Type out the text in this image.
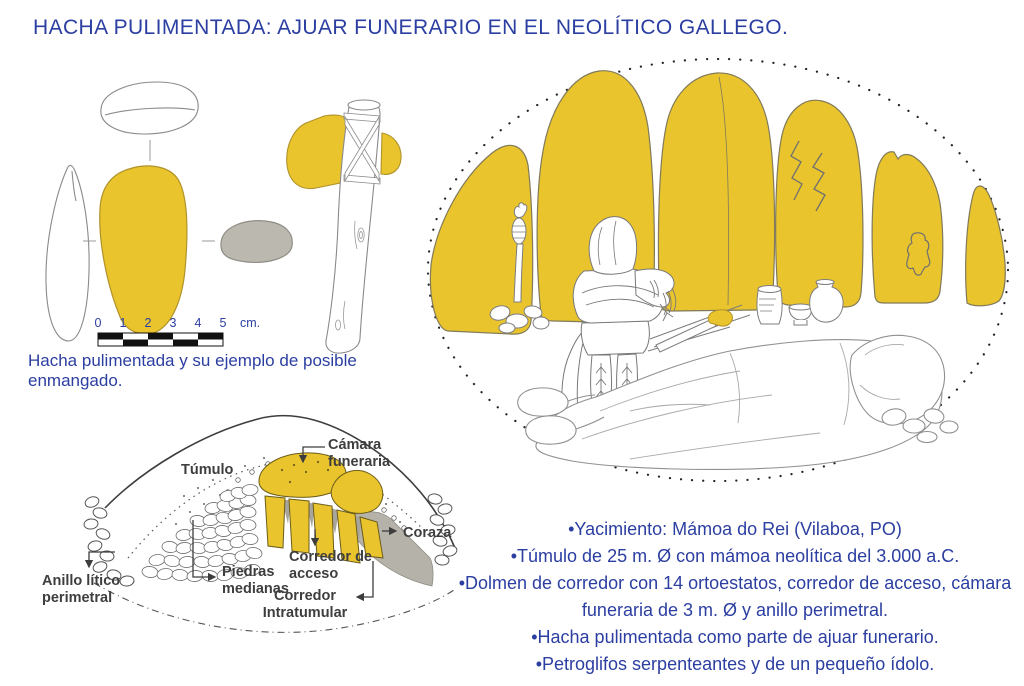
HACHA PULIMENTADA: AJUAR FUNERARIO EN EL NEOLÍTICO GALLEGO.
0 1 2 3 4 5 cm.
Hacha pulimentada y su ejemplo de posible enmangado.
Túmulo
Cámara funeraria
Coraza
Corredor de acceso
Piedras medianas
Anillo lítico perimetral	Corredor Intratumular
•Yacimiento: Mámoa do Rei (Vilaboa, PO)
•Túmulo de 25 m. Ø con mámoa neolítica del 3.000 a.C.
•Dolmen de corredor con 14 ortoestatos, corredor de acceso, cámara funeraria de 3 m. Ø y anillo perimetral.
•Hacha pulimentada como parte de ajuar funerario.
•Petroglifos serpenteantes y de un pequeño ídolo.
